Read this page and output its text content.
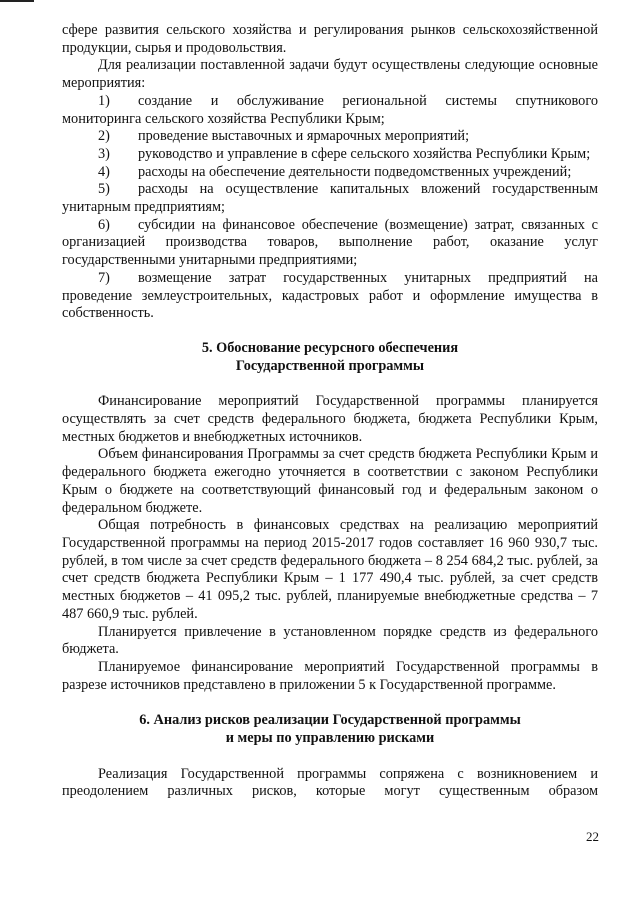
сфере развития сельского хозяйства и регулирования рынков сельскохозяйственной продукции, сырья и продовольствия.

Для реализации поставленной задачи будут осуществлены следующие основные мероприятия:

1) создание и обслуживание региональной системы спутникового мониторинга сельского хозяйства Республики Крым;

2) проведение выставочных и ярмарочных мероприятий;

3) руководство и управление в сфере сельского хозяйства Республики Крым;

4) расходы на обеспечение деятельности подведомственных учреждений;

5) расходы на осуществление капитальных вложений государственным унитарным предприятиям;

6) субсидии на финансовое обеспечение (возмещение) затрат, связанных с организацией производства товаров, выполнение работ, оказание услуг государственными унитарными предприятиями;

7) возмещение затрат государственных унитарных предприятий на проведение землеустроительных, кадастровых работ и оформление имущества в собственность.

5. Обоснование ресурсного обеспечения
Государственной программы

Финансирование мероприятий Государственной программы планируется осуществлять за счет средств федерального бюджета, бюджета Республики Крым, местных бюджетов и внебюджетных источников.

Объем финансирования Программы за счет средств бюджета Республики Крым и федерального бюджета ежегодно уточняется в соответствии с законом Республики Крым о бюджете на соответствующий финансовый год и федеральным законом о федеральном бюджете.

Общая потребность в финансовых средствах на реализацию мероприятий Государственной программы на период 2015-2017 годов составляет 16 960 930,7 тыс. рублей, в том числе за счет средств федерального бюджета – 8 254 684,2 тыс. рублей, за счет средств бюджета Республики Крым – 1 177 490,4 тыс. рублей, за счет средств местных бюджетов – 41 095,2 тыс. рублей, планируемые внебюджетные средства – 7 487 660,9 тыс. рублей.

Планируется привлечение в установленном порядке средств из федерального бюджета.

Планируемое финансирование мероприятий Государственной программы в разрезе источников представлено в приложении 5 к Государственной программе.

6. Анализ рисков реализации Государственной программы
и меры по управлению рисками

Реализация Государственной программы сопряжена с возникновением и преодолением различных рисков, которые могут существенным образом

22
